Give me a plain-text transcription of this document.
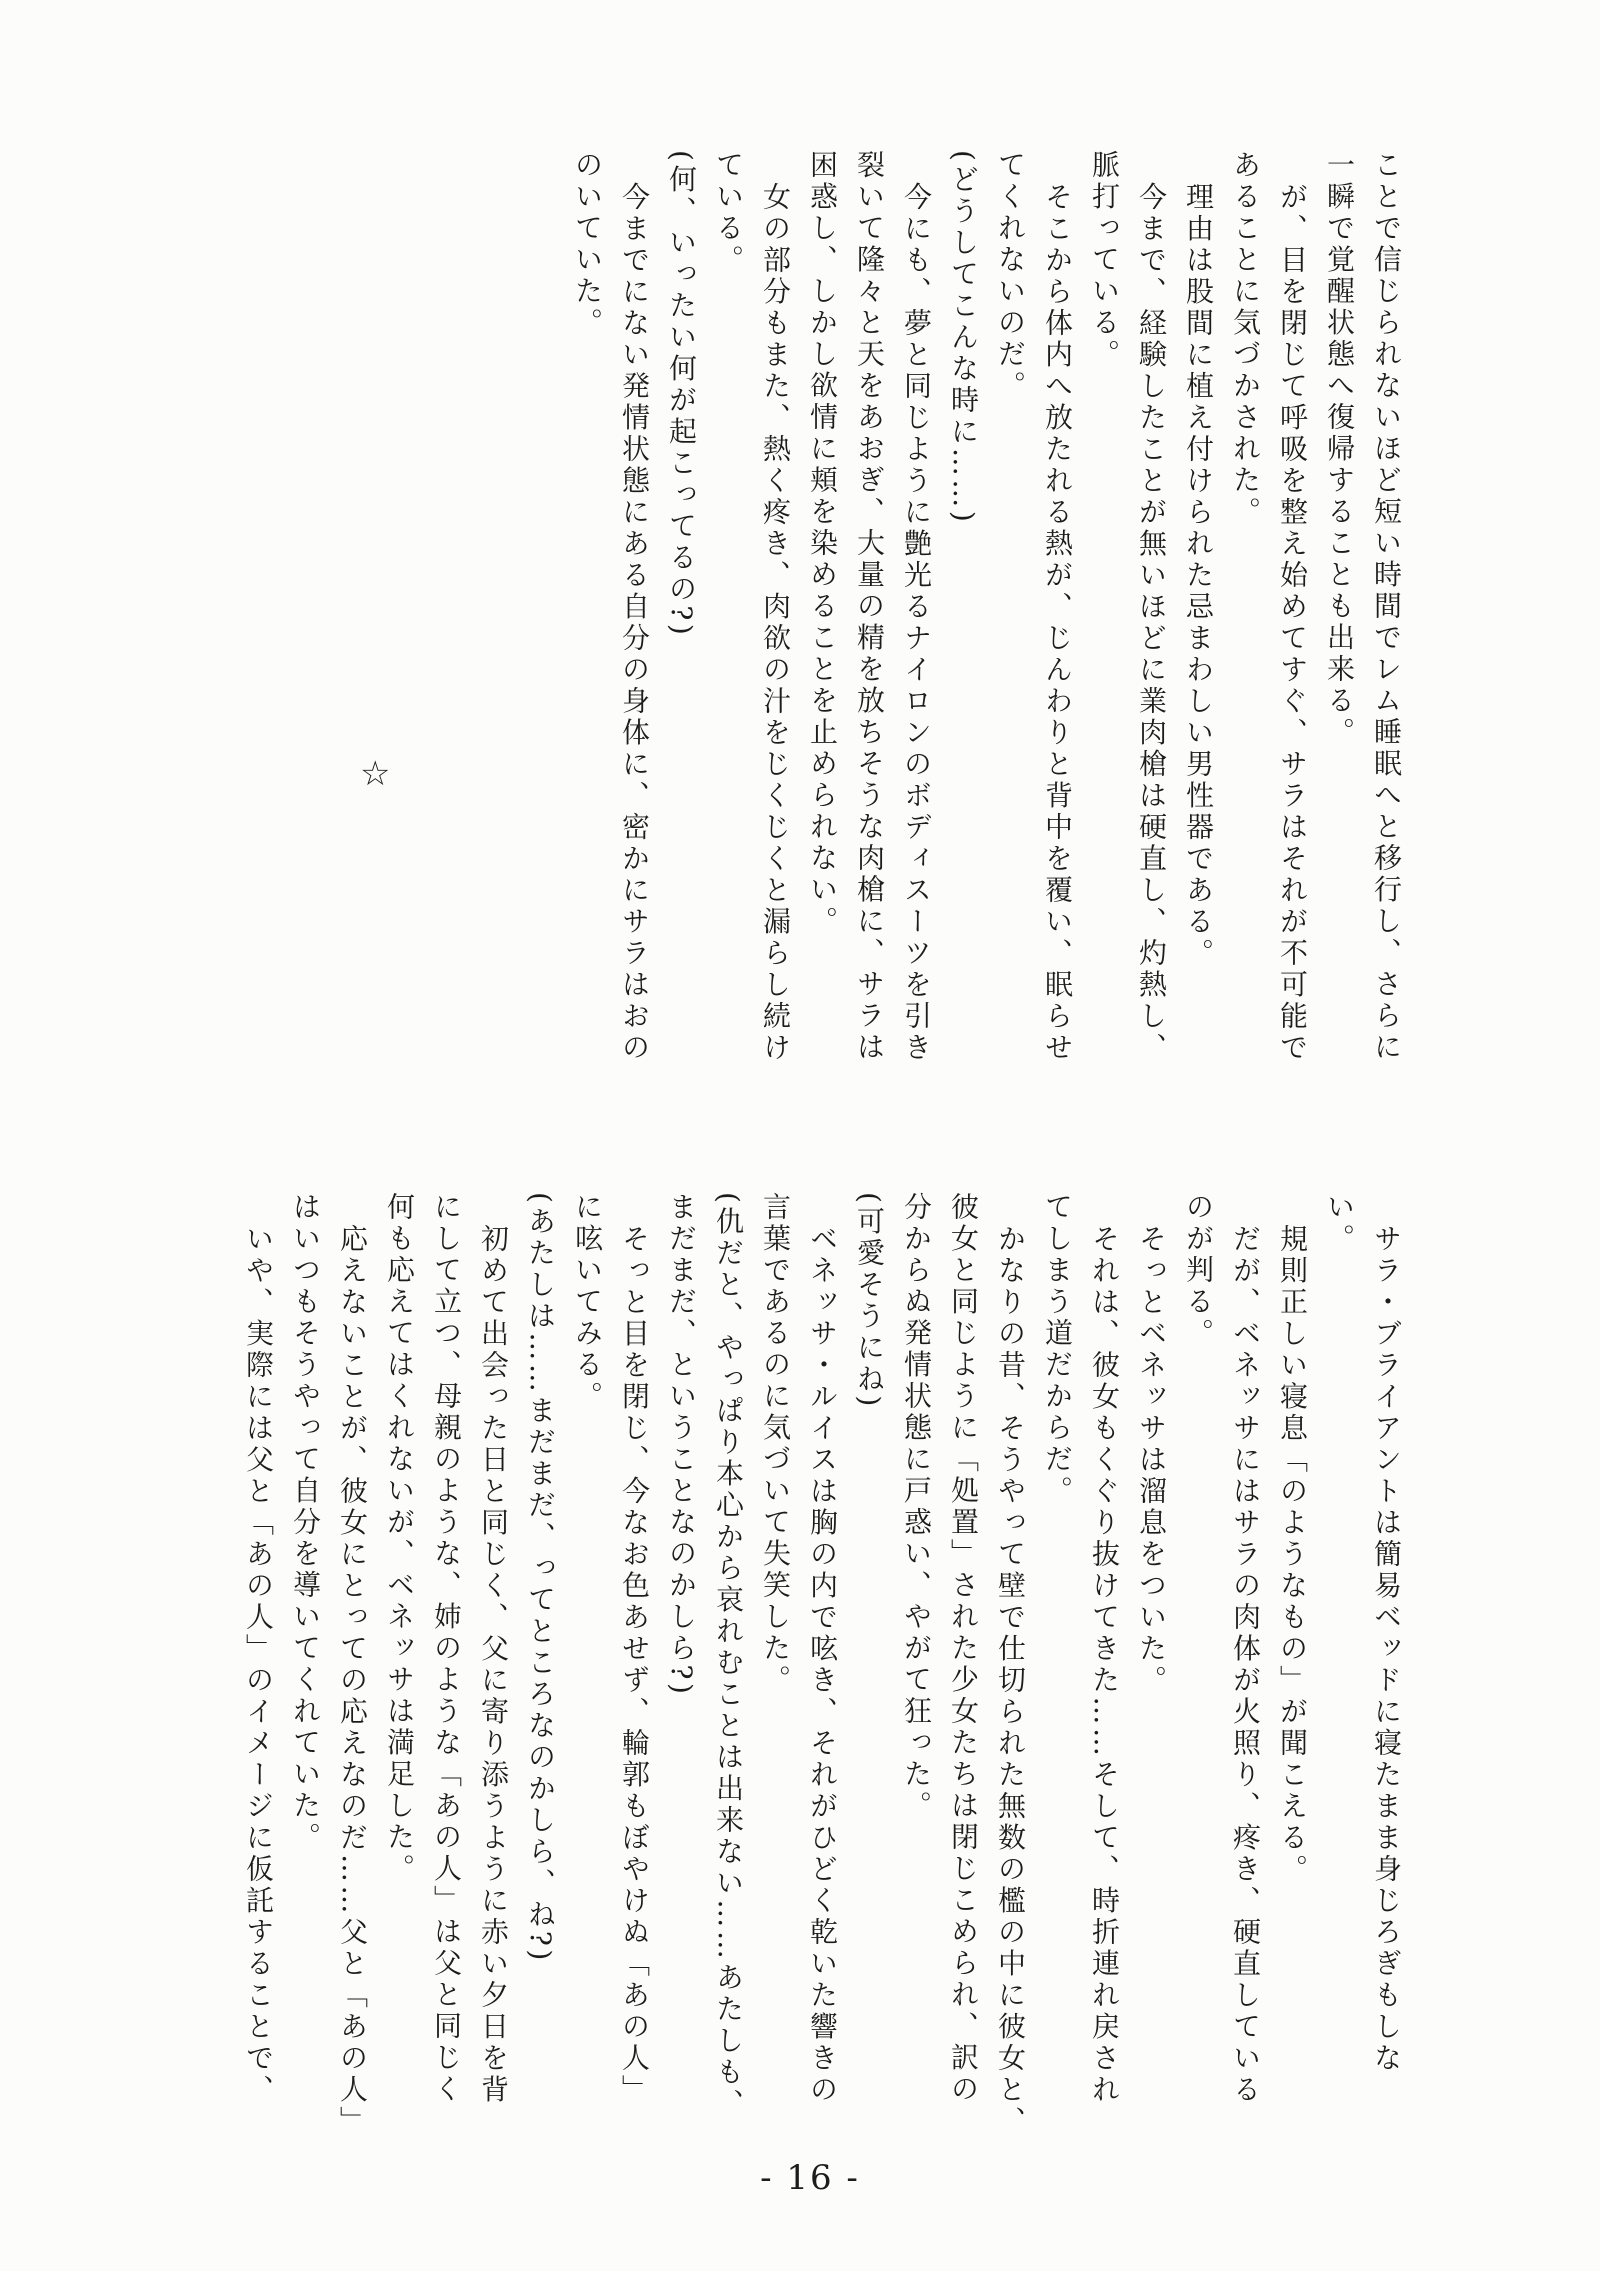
ことで信じられないほど短い時間でレム睡眠へと移行し、さらに
一瞬で覚醒状態へ復帰することも出来る。
が、目を閉じて呼吸を整え始めてすぐ、サラはそれが不可能で
あることに気づかされた。
理由は股間に植え付けられた忌まわしい男性器である。
今まで、経験したことが無いほどに業肉槍は硬直し、灼熱し、
脈打っている。
そこから体内へ放たれる熱が、じんわりと背中を覆い、眠らせ
てくれないのだ。
(どうしてこんな時に……)
今にも、夢と同じように艶光るナイロンのボディスーツを引き
裂いて隆々と天をあおぎ、大量の精を放ちそうな肉槍に、サラは
困惑し、しかし欲情に頬を染めることを止められない。
女の部分もまた、熱く疼き、肉欲の汁をじくじくと漏らし続け
ている。
(何、いったい何が起こってるの?)
今までにない発情状態にある自分の身体に、密かにサラはおの
のいていた。
☆
サラ・ブライアントは簡易ベッドに寝たまま身じろぎもしな
い。
規則正しい寝息「のようなもの」が聞こえる。
だが、ベネッサにはサラの肉体が火照り、疼き、硬直している
のが判る。
そっとベネッサは溜息をついた。
それは、彼女もくぐり抜けてきた……そして、時折連れ戻され
てしまう道だからだ。
かなりの昔、そうやって壁で仕切られた無数の檻の中に彼女と、
彼女と同じように「処置」された少女たちは閉じこめられ、訳の
分からぬ発情状態に戸惑い、やがて狂った。
(可愛そうにね)
ベネッサ・ルイスは胸の内で呟き、それがひどく乾いた響きの
言葉であるのに気づいて失笑した。
(仇だと、やっぱり本心から哀れむことは出来ない……あたしも、
まだまだ、ということなのかしら?)
そっと目を閉じ、今なお色あせず、輪郭もぼやけぬ「あの人」
に呟いてみる。
(あたしは……まだまだ、ってところなのかしら、ね?)
初めて出会った日と同じく、父に寄り添うように赤い夕日を背
にして立つ、母親のような、姉のような「あの人」は父と同じく
何も応えてはくれないが、ベネッサは満足した。
応えないことが、彼女にとっての応えなのだ……父と「あの人」
はいつもそうやって自分を導いてくれていた。
いや、実際には父と「あの人」のイメージに仮託することで、
- 16 -
